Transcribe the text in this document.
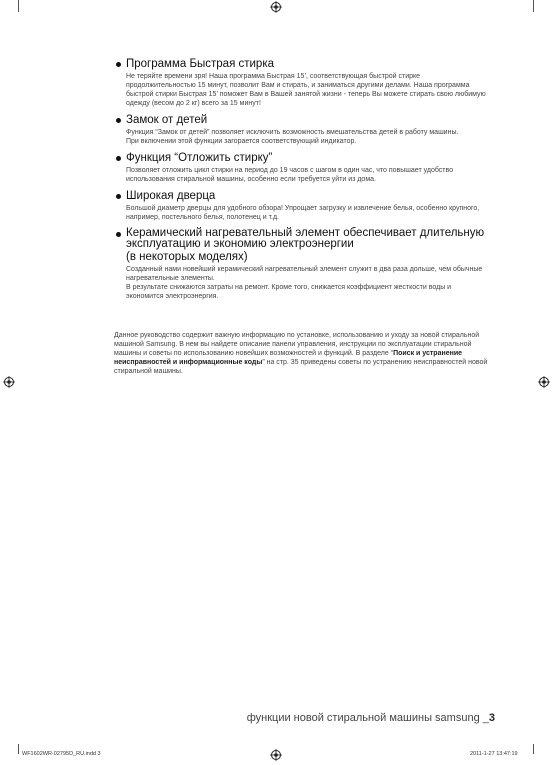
Программа Быстрая стирка

Не теряйте времени зря! Наша программа Быстрая 15’, соответствующая быстрой стирке продолжительностью 15 минут, позволит Вам и стирать, и заниматься другими делами. Наша программа быстрой стирки Быстрая 15’ поможет Вам в Вашей занятой жизни - теперь Вы можете стирать свою любимую одежду (весом до 2 кг) всего за 15 минут!

Замок от детей

Функция “Замок от детей” позволяет исключить возможность вмешательства детей в работу машины.

При включении этой функции загорается соответствующий индикатор.

Функция “Отложить стирку”

Позволяет отложить цикл стирки на период до 19 часов с шагом в один час, что повышает удобство использования стиральной машины, особенно если требуется уйти из дома.

Широкая дверца

Большой диаметр дверцы для удобного обзора! Упрощает загрузку и извлечение белья, особенно крупного, например, постельного белья, полотенец и т.д.

Керамический нагревательный элемент обеспечивает длительную эксплуатацию и экономию электроэнергии
(в некоторых моделях)

Созданный нами новейший керамический нагревательный элемент служит в два раза дольше, чем обычные нагревательные элементы.

В результате снижаются затраты на ремонт. Кроме того, снижается коэффициент жесткости воды и экономится электроэнергия.

Данное руководство содержит важную информацию по установке, использованию и уходу за новой стиральной машиной Samsung. В нем вы найдете описание панели управления, инструкции по эксплуатации стиральной машины и советы по использованию новейших возможностей и функций. В разделе “Поиск и устранение неисправностей и информационные коды” на стр. 35 приведены советы по устранению неисправностей новой стиральной машины.

функции новой стиральной машины samsung _3
WF1602WR-02795D_RU.indd 3	2011-1-27 13:47:19
